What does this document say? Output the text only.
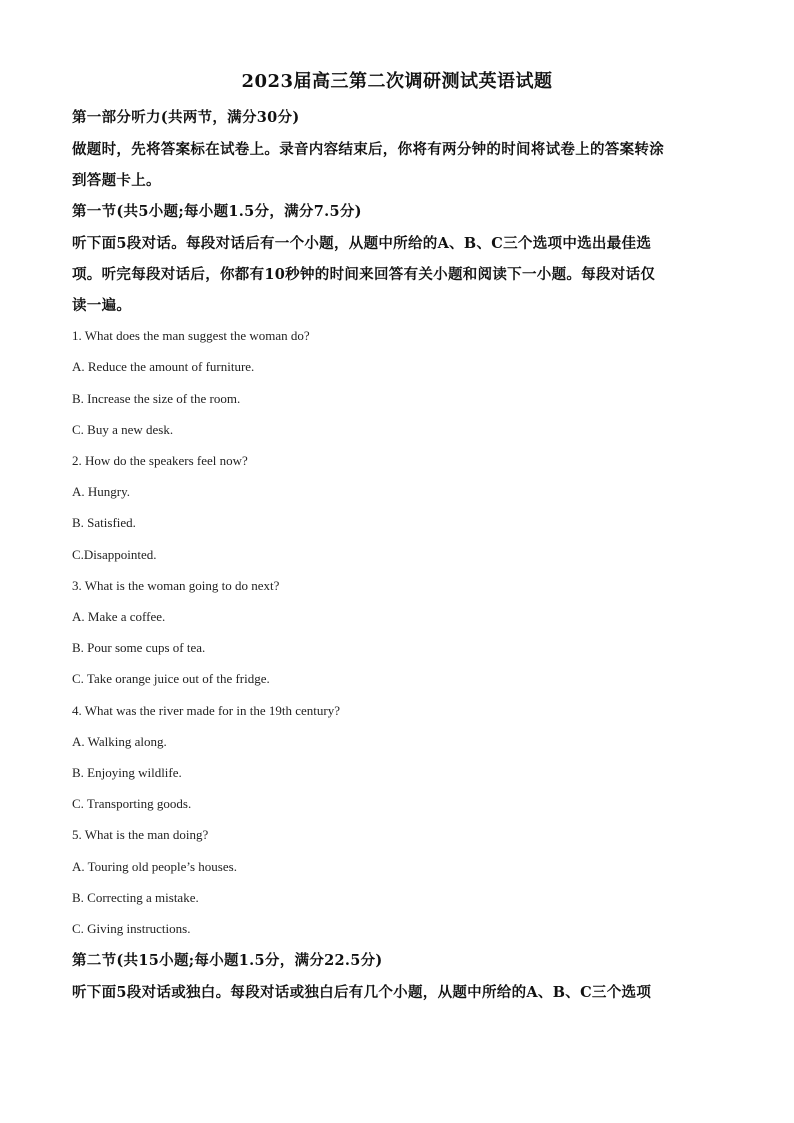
2023届高三第二次调研测试英语试题
第一部分听力(共两节，满分30分)
做题时，先将答案标在试卷上。录音内容结束后，你将有两分钟的时间将试卷上的答案转涂
到答题卡上。
第一节(共5小题;每小题1.5分，满分7.5分)
听下面5段对话。每段对话后有一个小题，从题中所给的A、B、C三个选项中选出最佳选
项。听完每段对话后，你都有10秒钟的时间来回答有关小题和阅读下一小题。每段对话仅
读一遍。
1. What does the man suggest the woman do?
A. Reduce the amount of furniture.
B. Increase the size of the room.
C. Buy a new desk.
2. How do the speakers feel now?
A. Hungry.
B. Satisfied.
C.Disappointed.
3. What is the woman going to do next?
A. Make a coffee.
B. Pour some cups of tea.
C. Take orange juice out of the fridge.
4. What was the river made for in the 19th century?
A. Walking along.
B. Enjoying wildlife.
C. Transporting goods.
5. What is the man doing?
A. Touring old people’s houses.
B. Correcting a mistake.
C. Giving instructions.
第二节(共15小题;每小题1.5分，满分22.5分)
听下面5段对话或独白。每段对话或独白后有几个小题，从题中所给的A、B、C三个选项
